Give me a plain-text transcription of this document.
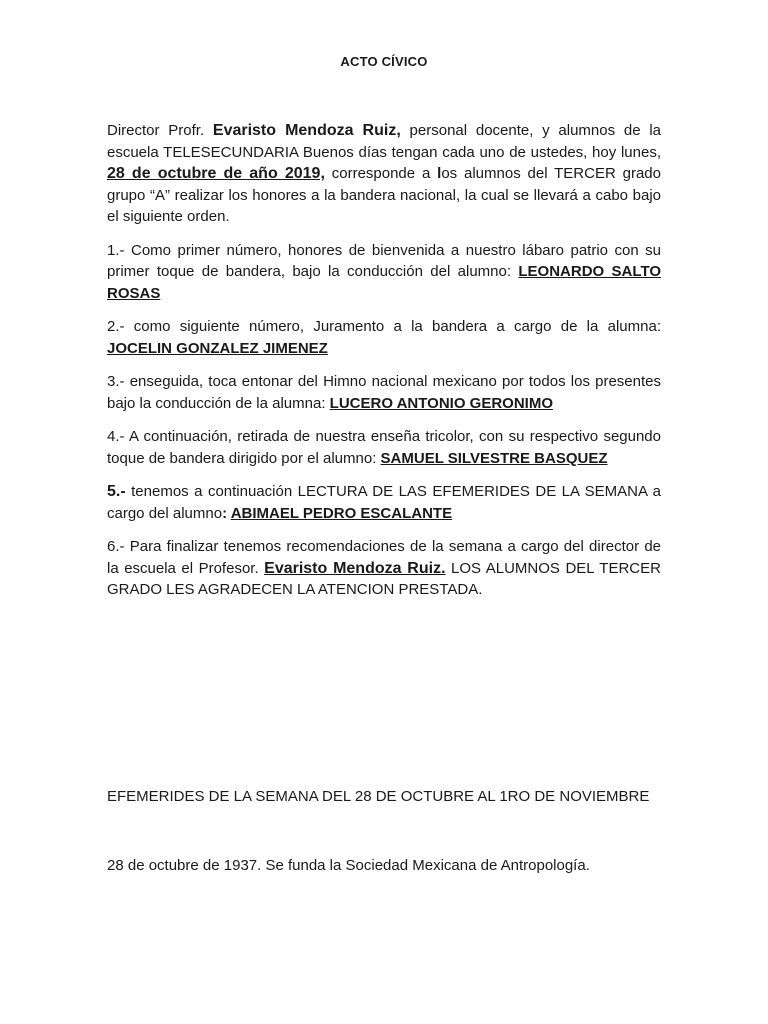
ACTO CÍVICO

Director Profr. Evaristo Mendoza Ruiz, personal docente, y alumnos de la escuela TELESECUNDARIA Buenos días tengan cada uno de ustedes, hoy lunes, 28 de octubre de año 2019, corresponde a los alumnos del TERCER grado grupo “A” realizar los honores a la bandera nacional, la cual se llevará a cabo bajo el siguiente orden.

1.- Como primer número, honores de bienvenida a nuestro lábaro patrio con su primer toque de bandera, bajo la conducción del alumno: LEONARDO SALTO ROSAS

2.- como siguiente número, Juramento a la bandera a cargo de la alumna: JOCELIN GONZALEZ JIMENEZ

3.- enseguida, toca entonar del Himno nacional mexicano por todos los presentes bajo la conducción de la alumna: LUCERO ANTONIO GERONIMO

4.- A continuación, retirada de nuestra enseña tricolor, con su respectivo segundo toque de bandera dirigido por el alumno: SAMUEL SILVESTRE BASQUEZ

5.- tenemos a continuación LECTURA DE LAS EFEMERIDES DE LA SEMANA a cargo del alumno: ABIMAEL PEDRO ESCALANTE

6.- Para finalizar tenemos recomendaciones de la semana a cargo del director de la escuela el Profesor. Evaristo Mendoza Ruiz. LOS ALUMNOS DEL TERCER GRADO LES AGRADECEN LA ATENCION PRESTADA.

EFEMERIDES DE LA SEMANA DEL 28 DE OCTUBRE AL 1RO DE NOVIEMBRE
28 de octubre de 1937. Se funda la Sociedad Mexicana de Antropología.
